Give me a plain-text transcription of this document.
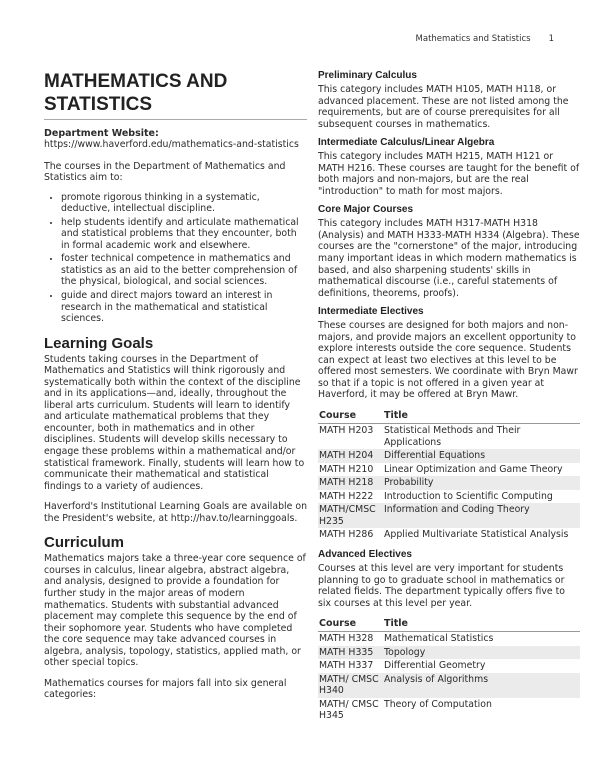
Mathematics and Statistics 1
MATHEMATICS AND STATISTICS
Department Website:

https://www.haverford.edu/mathematics-and-statistics

The courses in the Department of Mathematics and Statistics aim to:

• promote rigorous thinking in a systematic, deductive, intellectual discipline.
• help students identify and articulate mathematical and statistical problems that they encounter, both in formal academic work and elsewhere.
• foster technical competence in mathematics and statistics as an aid to the better comprehension of the physical, biological, and social sciences.
• guide and direct majors toward an interest in research in the mathematical and statistical sciences.
Learning Goals

Students taking courses in the Department of Mathematics and Statistics will think rigorously and systematically both within the context of the discipline and in its applications—and, ideally, throughout the liberal arts curriculum. Students will learn to identify and articulate mathematical problems that they encounter, both in mathematics and in other disciplines. Students will develop skills necessary to engage these problems within a mathematical and/or statistical framework. Finally, students will learn how to communicate their mathematical and statistical findings to a variety of audiences.

Haverford's Institutional Learning Goals are available on the President's website, at http://hav.to/learninggoals.

Curriculum

Mathematics majors take a three-year core sequence of courses in calculus, linear algebra, abstract algebra, and analysis, designed to provide a foundation for further study in the major areas of modern mathematics. Students with substantial advanced placement may complete this sequence by the end of their sophomore year. Students who have completed the core sequence may take advanced courses in algebra, analysis, topology, statistics, applied math, or other special topics.

Mathematics courses for majors fall into six general categories:

Preliminary Calculus

This category includes MATH H105, MATH H118, or advanced placement. These are not listed among the requirements, but are of course prerequisites for all subsequent courses in mathematics.

Intermediate Calculus/Linear Algebra

This category includes MATH H215, MATH H121 or MATH H216. These courses are taught for the benefit of both majors and non-majors, but are the real "introduction" to math for most majors.

Core Major Courses

This category includes MATH H317-MATH H318 (Analysis) and MATH H333-MATH H334 (Algebra). These courses are the "cornerstone" of the major, introducing many important ideas in which modern mathematics is based, and also sharpening students' skills in mathematical discourse (i.e., careful statements of definitions, theorems, proofs).

Intermediate Electives

These courses are designed for both majors and non-majors, and provide majors an excellent opportunity to explore interests outside the core sequence. Students can expect at least two electives at this level to be offered most semesters. We coordinate with Bryn Mawr so that if a topic is not offered in a given year at Haverford, it may be offered at Bryn Mawr.

Course	Title
MATH H203	Statistical Methods and Their Applications
MATH H204	Differential Equations
MATH H210	Linear Optimization and Game Theory
MATH H218	Probability
MATH H222	Introduction to Scientific Computing
MATH/CMSC H235	Information and Coding Theory
MATH H286	Applied Multivariate Statistical Analysis
Advanced Electives

Courses at this level are very important for students planning to go to graduate school in mathematics or related fields. The department typically offers five to six courses at this level per year.

Course	Title
MATH H328	Mathematical Statistics
MATH H335	Topology
MATH H337	Differential Geometry
MATH/ CMSC H340	Analysis of Algorithms
MATH/ CMSC H345	Theory of Computation
